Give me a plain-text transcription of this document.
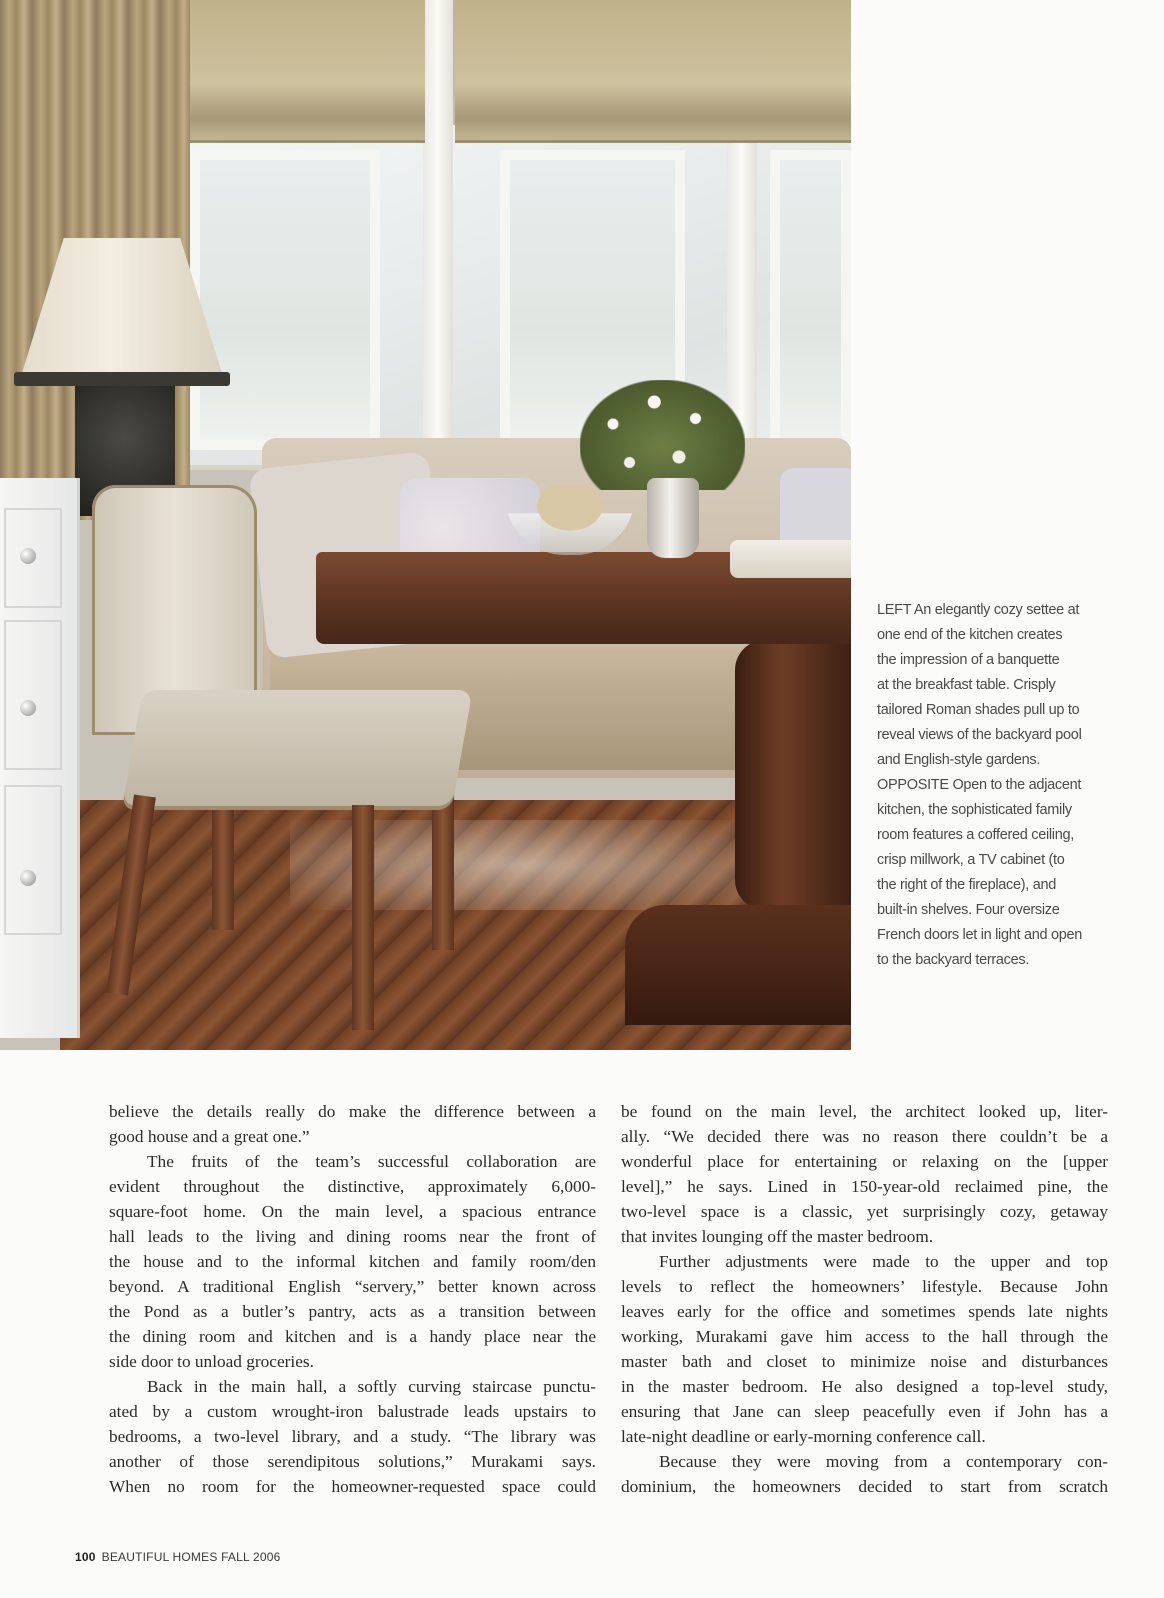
LEFT An elegantly cozy settee at
one end of the kitchen creates
the impression of a banquette
at the breakfast table. Crisply
tailored Roman shades pull up to
reveal views of the backyard pool
and English-style gardens.
OPPOSITE Open to the adjacent
kitchen, the sophisticated family
room features a coffered ceiling,
crisp millwork, a TV cabinet (to
the right of the fireplace), and
built-in shelves. Four oversize
French doors let in light and open
to the backyard terraces.
believe the details really do make the difference between a
good house and a great one.”
The fruits of the team’s successful collaboration are
evident throughout the distinctive, approximately 6,000-
square-foot home. On the main level, a spacious entrance
hall leads to the living and dining rooms near the front of
the house and to the informal kitchen and family room/den
beyond. A traditional English “servery,” better known across
the Pond as a butler’s pantry, acts as a transition between
the dining room and kitchen and is a handy place near the
side door to unload groceries.
Back in the main hall, a softly curving staircase punctu-
ated by a custom wrought-iron balustrade leads upstairs to
bedrooms, a two-level library, and a study. “The library was
another of those serendipitous solutions,” Murakami says.
When no room for the homeowner-requested space could
be found on the main level, the architect looked up, liter-
ally. “We decided there was no reason there couldn’t be a
wonderful place for entertaining or relaxing on the [upper
level],” he says. Lined in 150-year-old reclaimed pine, the
two-level space is a classic, yet surprisingly cozy, getaway
that invites lounging off the master bedroom.
Further adjustments were made to the upper and top
levels to reflect the homeowners’ lifestyle. Because John
leaves early for the office and sometimes spends late nights
working, Murakami gave him access to the hall through the
master bath and closet to minimize noise and disturbances
in the master bedroom. He also designed a top-level study,
ensuring that Jane can sleep peacefully even if John has a
late-night deadline or early-morning conference call.
Because they were moving from a contemporary con-
dominium, the homeowners decided to start from scratch
100 BEAUTIFUL HOMES FALL 2006
